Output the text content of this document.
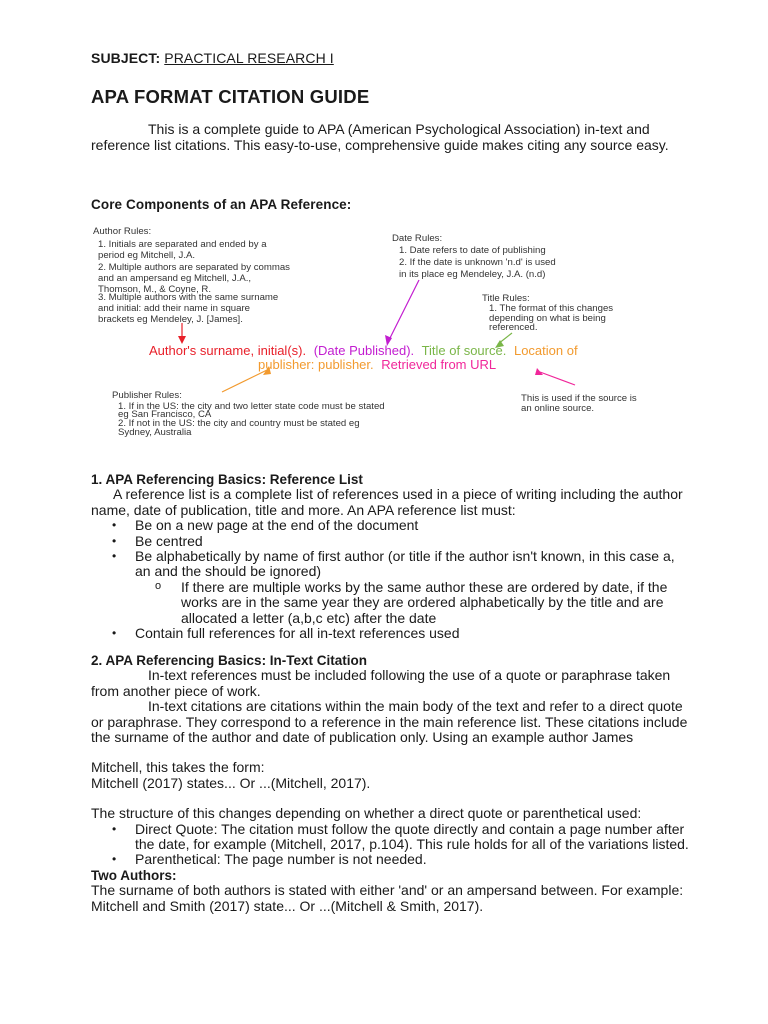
SUBJECT: PRACTICAL RESEARCH I
APA FORMAT CITATION GUIDE
This is a complete guide to APA (American Psychological Association) in-text and reference list citations. This easy-to-use, comprehensive guide makes citing any source easy.
Core Components of an APA Reference:
Author Rules:
1. Initials are separated and ended by a
period eg Mitchell, J.A.
2. Multiple authors are separated by commas
and an ampersand eg Mitchell, J.A.,
Thomson, M., & Coyne, R.
3. Multiple authors with the same surname
and initial: add their name in square
brackets eg Mendeley, J. [James].
Date Rules:
1. Date refers to date of publishing
2. If the date is unknown 'n.d' is used
in its place eg Mendeley, J.A. (n.d)
Title Rules:
1. The format of this changes
depending on what is being
referenced.
Author's surname, initial(s). (Date Published). Title of source. Location of
publisher: publisher. Retrieved from URL
This is used if the source is
an online source.
Publisher Rules:
1. If in the US: the city and two letter state code must be stated
eg San Francisco, CA
2. If not in the US: the city and country must be stated eg
Sydney, Australia
1. APA Referencing Basics: Reference List
A reference list is a complete list of references used in a piece of writing including the author name, date of publication, title and more. An APA reference list must:
• Be on a new page at the end of the document
• Be centred
• Be alphabetically by name of first author (or title if the author isn't known, in this case a, an and the should be ignored)
o If there are multiple works by the same author these are ordered by date, if the works are in the same year they are ordered alphabetically by the title and are allocated a letter (a,b,c etc) after the date
• Contain full references for all in-text references used
2. APA Referencing Basics: In-Text Citation
In-text references must be included following the use of a quote or paraphrase taken from another piece of work.
In-text citations are citations within the main body of the text and refer to a direct quote or paraphrase. They correspond to a reference in the main reference list. These citations include the surname of the author and date of publication only. Using an example author James
Mitchell, this takes the form:
Mitchell (2017) states... Or ...(Mitchell, 2017).
The structure of this changes depending on whether a direct quote or parenthetical used:
• Direct Quote: The citation must follow the quote directly and contain a page number after the date, for example (Mitchell, 2017, p.104). This rule holds for all of the variations listed.
• Parenthetical: The page number is not needed.
Two Authors:
The surname of both authors is stated with either 'and' or an ampersand between. For example:
Mitchell and Smith (2017) state... Or ...(Mitchell & Smith, 2017).
